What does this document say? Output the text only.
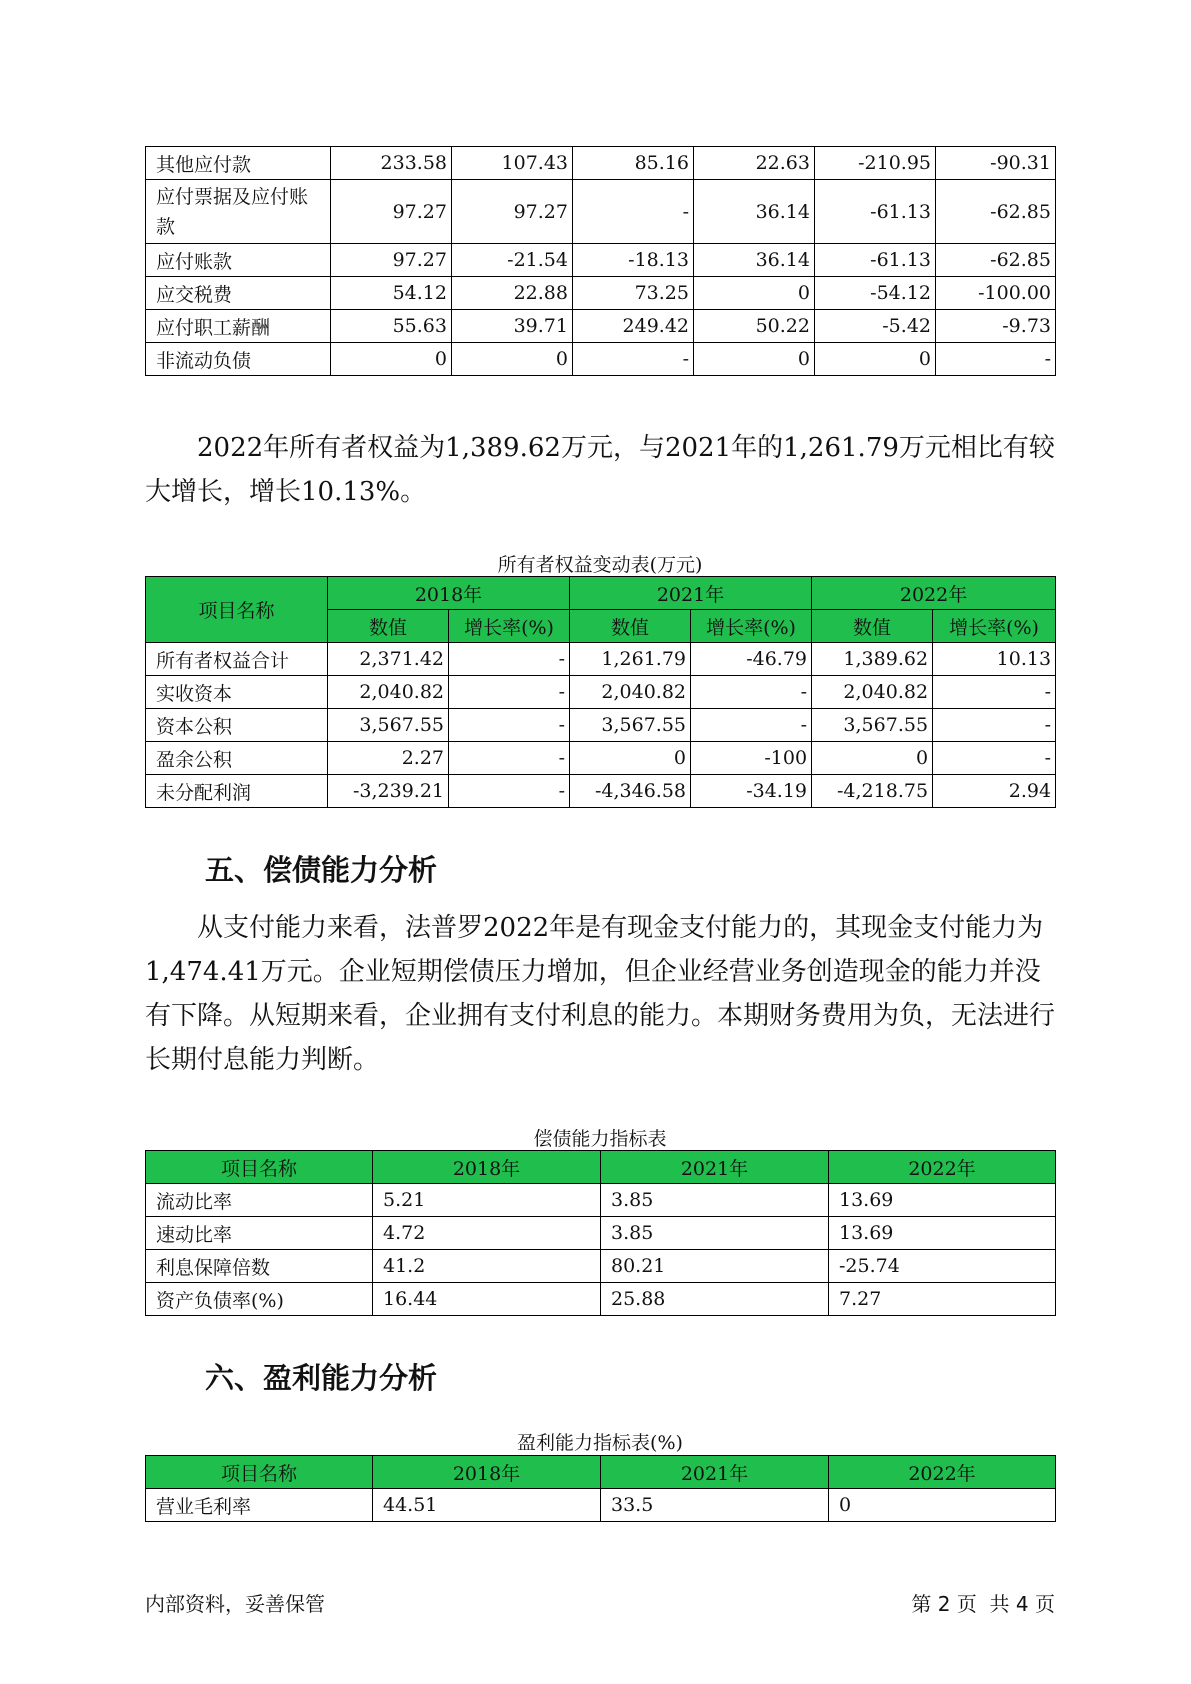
其他应付款	233.58	107.43	85.16	22.63	-210.95	-90.31
应付票据及应付账款	97.27	97.27	-	36.14	-61.13	-62.85
应付账款	97.27	-21.54	-18.13	36.14	-61.13	-62.85
应交税费	54.12	22.88	73.25	0	-54.12	-100.00
应付职工薪酬	55.63	39.71	249.42	50.22	-5.42	-9.73
非流动负债	0	0	-	0	0	-

2022年所有者权益为1,389.62万元，与2021年的1,261.79万元相比有较大增长，增长10.13%。

所有者权益变动表(万元)
项目名称	2018年		2021年		2022年	
	数值	增长率(%)	数值	增长率(%)	数值	增长率(%)
所有者权益合计	2,371.42	-	1,261.79	-46.79	1,389.62	10.13
实收资本	2,040.82	-	2,040.82	-	2,040.82	-
资本公积	3,567.55	-	3,567.55	-	3,567.55	-
盈余公积	2.27	-	0	-100	0	-
未分配利润	-3,239.21	-	-4,346.58	-34.19	-4,218.75	2.94
五、偿债能力分析

从支付能力来看，法普罗2022年是有现金支付能力的，其现金支付能力为1,474.41万元。企业短期偿债压力增加，但企业经营业务创造现金的能力并没有下降。从短期来看，企业拥有支付利息的能力。本期财务费用为负，无法进行长期付息能力判断。

偿债能力指标表
项目名称	2018年	2021年	2022年
流动比率	5.21	3.85	13.69
速动比率	4.72	3.85	13.69
利息保障倍数	41.2	80.21	-25.74
资产负债率(%)	16.44	25.88	7.27
六、盈利能力分析
盈利能力指标表(%)
项目名称	2018年	2021年	2022年
营业毛利率	44.51	33.5	0
内部资料，妥善保管	第 2 页  共 4 页
